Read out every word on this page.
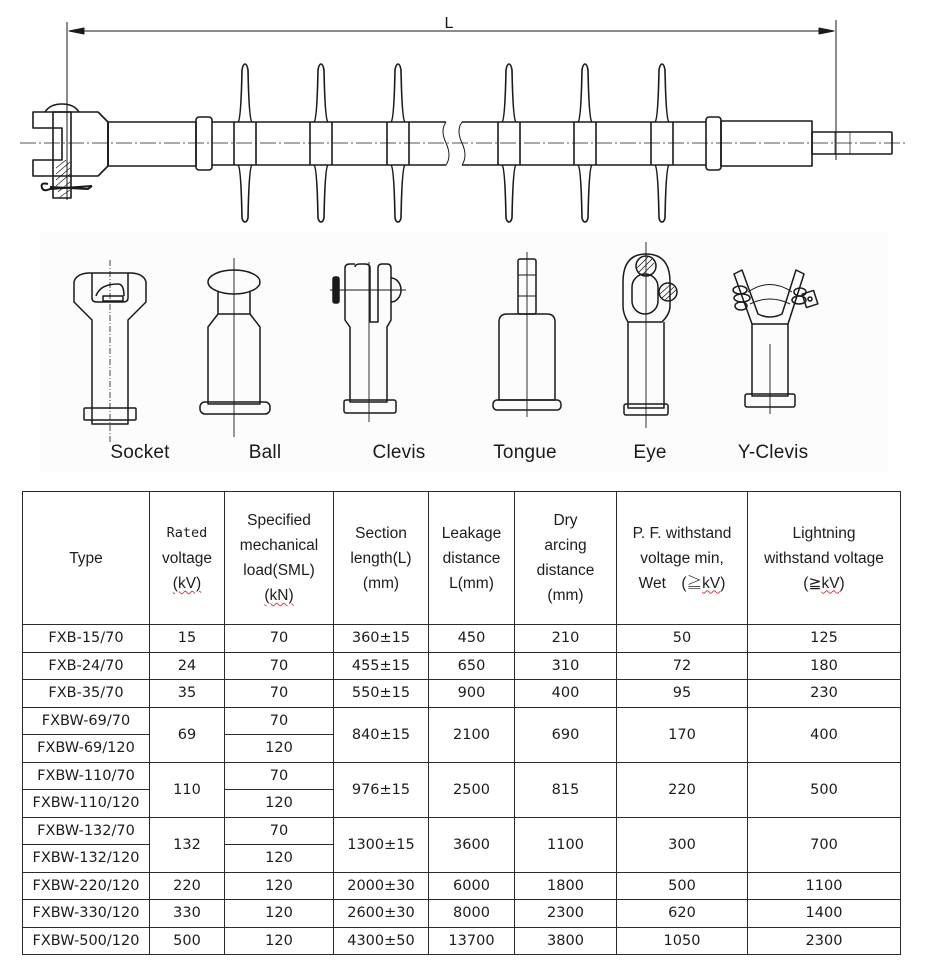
L
Socket	Ball	Clevis	Tongue	Eye	Y-Clevis
Type	Rated
voltage
(kV)	Specified
mechanical
load(SML)
(kN)	Section
length(L)
(mm)	Leakage
distance
L(mm)	Dry
arcing
distance
(mm)	P. F. withstand
voltage min,
Wet　(≧kV)	Lightning
withstand voltage
(≧kV)
FXB-15/70	15	70	360±15	450	210	50	125
FXB-24/70	24	70	455±15	650	310	72	180
FXB-35/70	35	70	550±15	900	400	95	230
FXBW-69/70	69	70	840±15	2100	690	170	400
FXBW-69/120		120					
FXBW-110/70	110	70	976±15	2500	815	220	500
FXBW-110/120		120					
FXBW-132/70	132	70	1300±15	3600	1100	300	700
FXBW-132/120		120					
FXBW-220/120	220	120	2000±30	6000	1800	500	1100
FXBW-330/120	330	120	2600±30	8000	2300	620	1400
FXBW-500/120	500	120	4300±50	13700	3800	1050	2300
